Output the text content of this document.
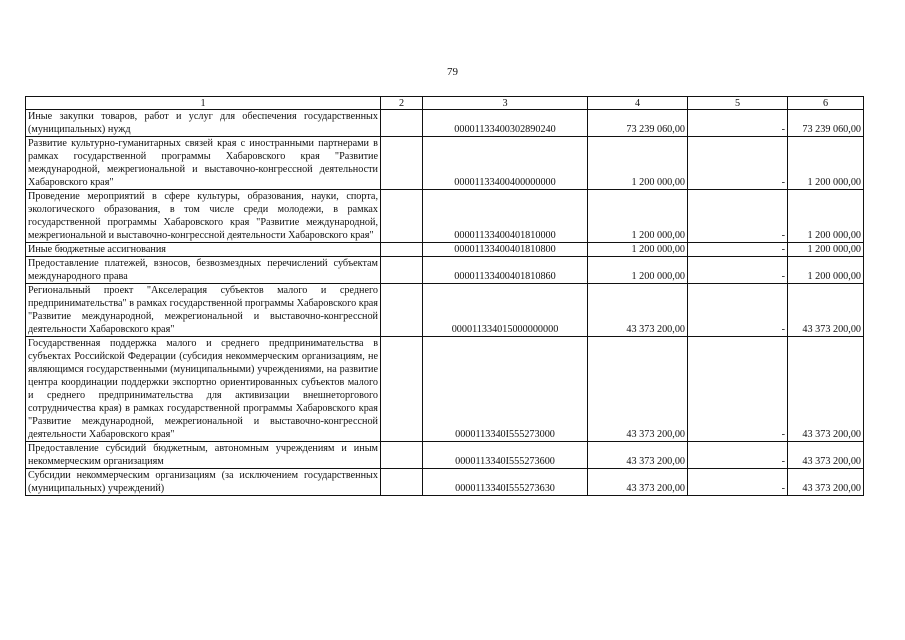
79
1	2	3	4	5	6
Иные закупки товаров, работ и услуг для обеспечения государственных (муниципальных) нужд		00001133400302890240	73 239 060,00	-	73 239 060,00
Развитие культурно-гуманитарных связей края с иностранными партнерами в рамках государственной программы Хабаровского края "Развитие международной, межрегиональной и выставочно-конгрессной деятельности Хабаровского края"		00001133400400000000	1 200 000,00	-	1 200 000,00
Проведение мероприятий в сфере культуры, образования, науки, спорта, экологического образования, в том числе среди молодежи, в рамках государственной программы Хабаровского края "Развитие международной, межрегиональной и выставочно-конгрессной деятельности Хабаровского края"		00001133400401810000	1 200 000,00	-	1 200 000,00
Иные бюджетные ассигнования		00001133400401810800	1 200 000,00	-	1 200 000,00
Предоставление платежей, взносов, безвозмездных перечислений субъектам международного права		00001133400401810860	1 200 000,00	-	1 200 000,00
Региональный проект "Акселерация субъектов малого и среднего предпринимательства" в рамках государственной программы Хабаровского края "Развитие международной, межрегиональной и выставочно-конгрессной деятельности Хабаровского края"		000011334015000000000	43 373 200,00	-	43 373 200,00
Государственная поддержка малого и среднего предпринимательства в субъектах Российской Федерации (субсидия некоммерческим организациям, не являющимся государственными (муниципальными) учреждениями, на развитие центра координации поддержки экспортно ориентированных субъектов малого и среднего предпринимательства для активизации внешнеторгового сотрудничества края) в рамках государственной программы Хабаровского края "Развитие международной, межрегиональной и выставочно-конгрессной деятельности Хабаровского края"		0000113340I555273000	43 373 200,00	-	43 373 200,00
Предоставление субсидий бюджетным, автономным учреждениям и иным некоммерческим организациям		0000113340I555273600	43 373 200,00	-	43 373 200,00
Субсидии некоммерческим организациям (за исключением государственных (муниципальных) учреждений)		0000113340I555273630	43 373 200,00	-	43 373 200,00
